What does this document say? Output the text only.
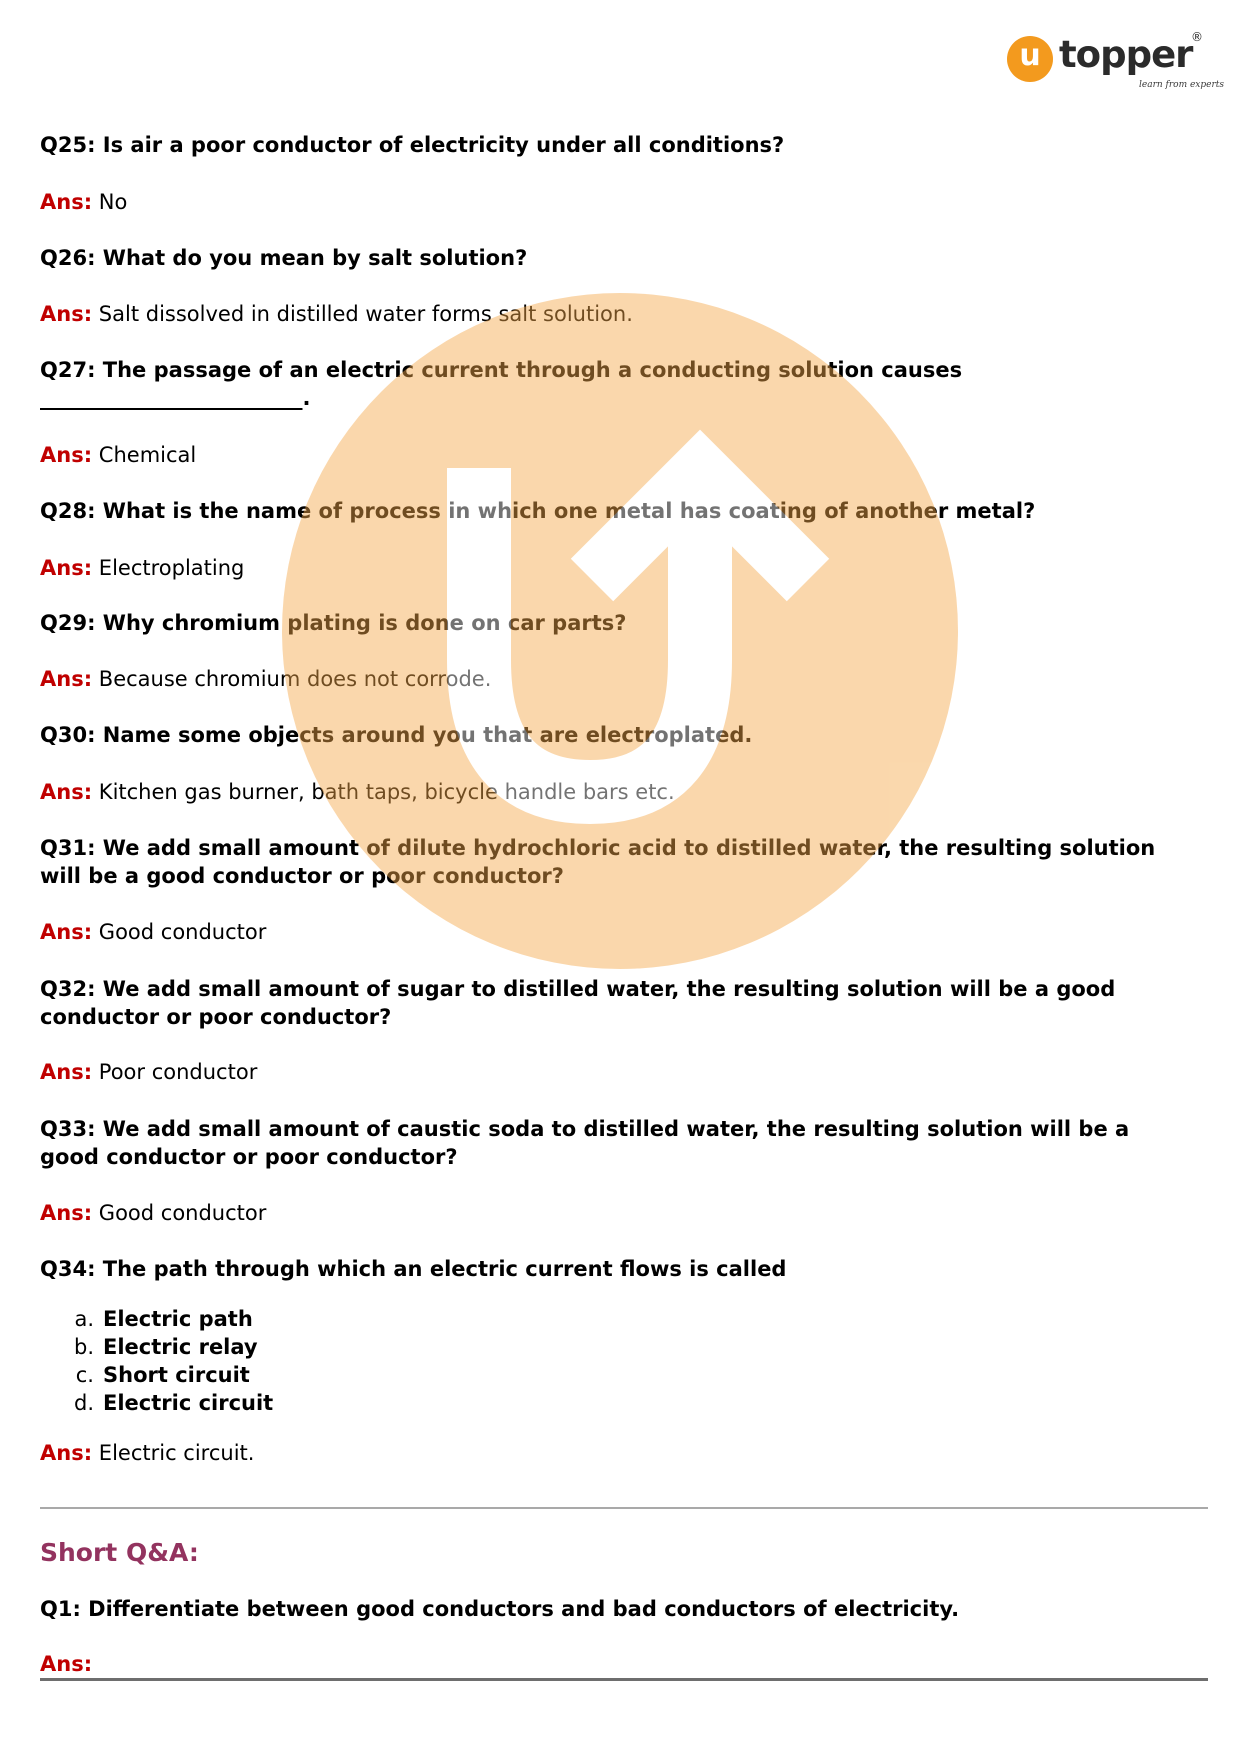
u topper
®
learn from experts
Q25: Is air a poor conductor of electricity under all conditions?
Ans: No
Q26: What do you mean by salt solution?
Ans: Salt dissolved in distilled water forms salt solution.
Q27: The passage of an electric current through a conducting solution causes
_________________________.
Ans: Chemical
Q28: What is the name of process in which one metal has coating of another metal?
Ans: Electroplating
Q29: Why chromium plating is done on car parts?
Ans: Because chromium does not corrode.
Q30: Name some objects around you that are electroplated.
Ans: Kitchen gas burner, bath taps, bicycle handle bars etc.
Q31: We add small amount of dilute hydrochloric acid to distilled water, the resulting solution
will be a good conductor or poor conductor?
Ans: Good conductor
Q32: We add small amount of sugar to distilled water, the resulting solution will be a good
conductor or poor conductor?
Ans: Poor conductor
Q33: We add small amount of caustic soda to distilled water, the resulting solution will be a
good conductor or poor conductor?
Ans: Good conductor
Q34: The path through which an electric current flows is called
a. Electric path
b. Electric relay
c. Short circuit
d. Electric circuit
Ans: Electric circuit.
Short Q&A:
Q1: Differentiate between good conductors and bad conductors of electricity.
Ans:
